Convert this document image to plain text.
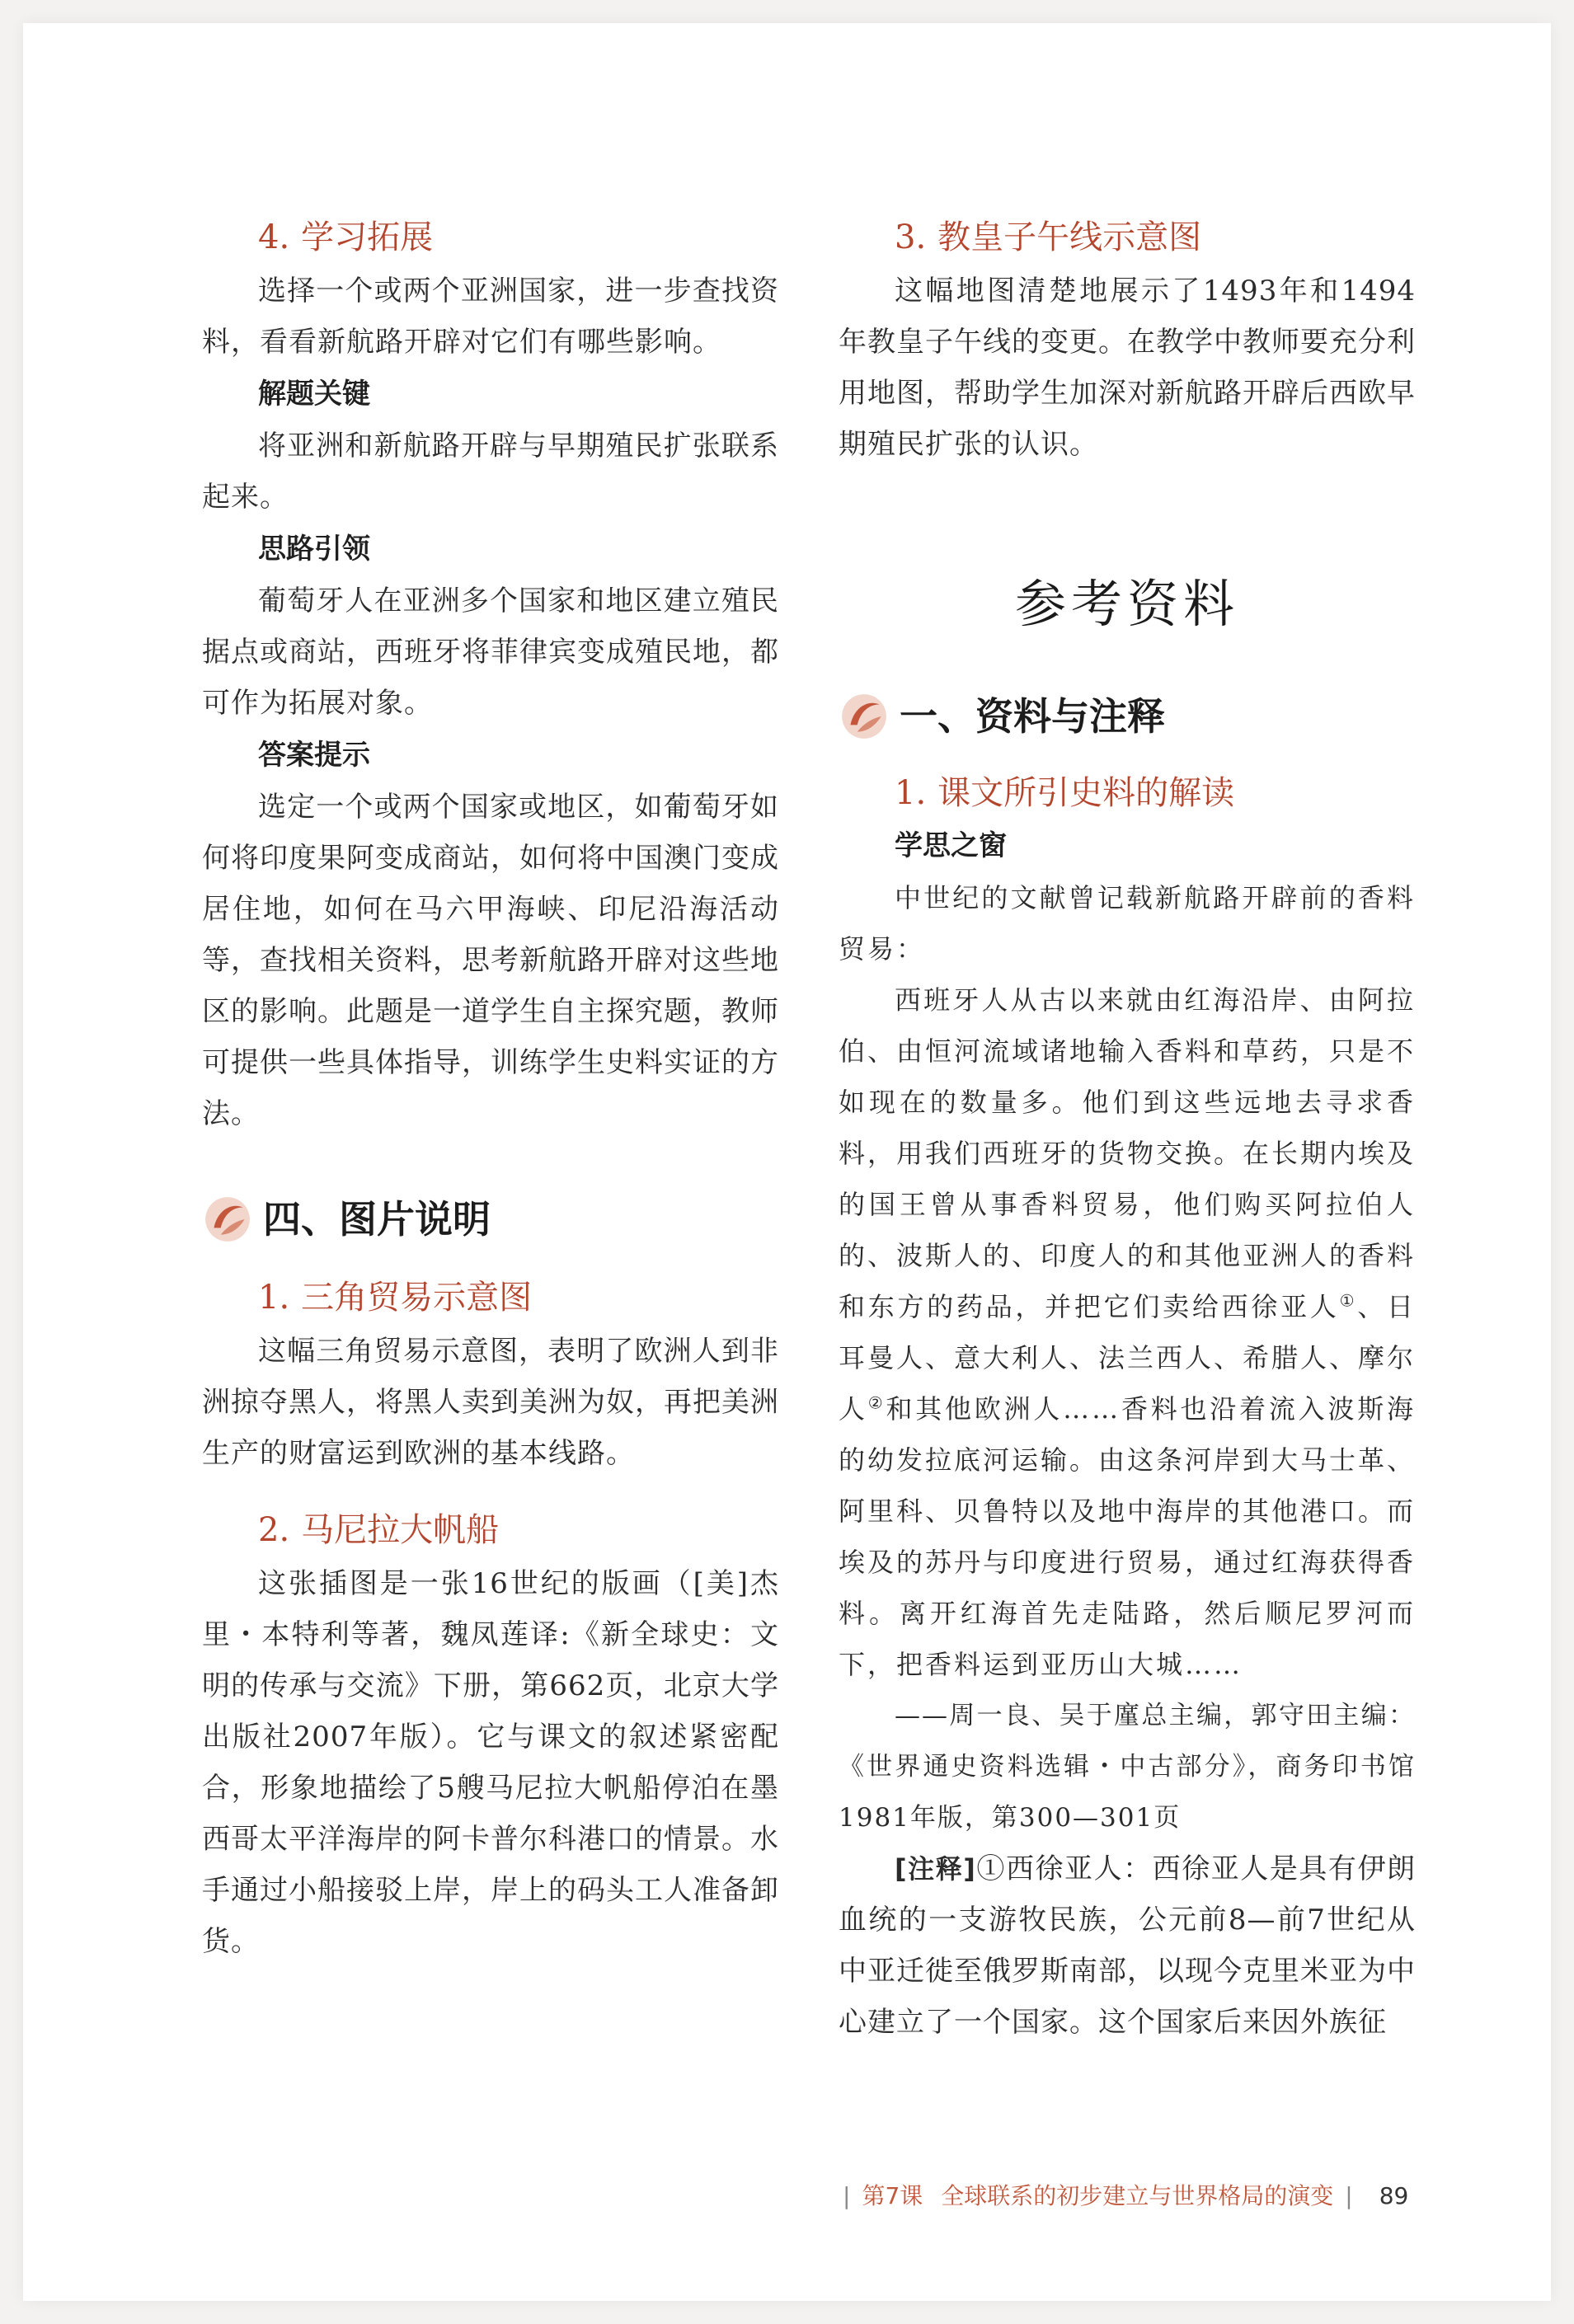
4. 学习拓展

选择一个或两个亚洲国家，进一步查找资料，看看新航路开辟对它们有哪些影响。

解题关键

将亚洲和新航路开辟与早期殖民扩张联系起来。

思路引领

葡萄牙人在亚洲多个国家和地区建立殖民据点或商站，西班牙将菲律宾变成殖民地，都可作为拓展对象。

答案提示

选定一个或两个国家或地区，如葡萄牙如何将印度果阿变成商站，如何将中国澳门变成居住地，如何在马六甲海峡、印尼沿海活动等，查找相关资料，思考新航路开辟对这些地区的影响。此题是一道学生自主探究题，教师可提供一些具体指导，训练学生史料实证的方法。

四、 图片说明
1. 三角贸易示意图

这幅三角贸易示意图，表明了欧洲人到非洲掠夺黑人，将黑人卖到美洲为奴，再把美洲生产的财富运到欧洲的基本线路。

2. 马尼拉大帆船

这张插图是一张16世纪的版画（[美]杰里・本特利等著，魏凤莲译:《新全球史：文明的传承与交流》下册，第662页，北京大学出版社2007年版）。它与课文的叙述紧密配合，形象地描绘了5艘马尼拉大帆船停泊在墨西哥太平洋海岸的阿卡普尔科港口的情景。水手通过小船接驳上岸，岸上的码头工人准备卸货。

3. 教皇子午线示意图

这幅地图清楚地展示了1493年和1494年教皇子午线的变更。在教学中教师要充分利用地图，帮助学生加深对新航路开辟后西欧早期殖民扩张的认识。

参考资料
一、 资料与注释
1. 课文所引史料的解读
学思之窗

中世纪的文献曾记载新航路开辟前的香料贸易：

西班牙人从古以来就由红海沿岸、由阿拉伯、由恒河流域诸地输入香料和草药，只是不如现在的数量多。他们到这些远地去寻求香料，用我们西班牙的货物交换。在长期内埃及的国王曾从事香料贸易，他们购买阿拉伯人的、波斯人的、印度人的和其他亚洲人的香料和东方的药品，并把它们卖给西徐亚人①、日耳曼人、意大利人、法兰西人、希腊人、摩尔人②和其他欧洲人……香料也沿着流入波斯海的幼发拉底河运输。由这条河岸到大马士革、阿里科、贝鲁特以及地中海岸的其他港口。而埃及的苏丹与印度进行贸易，通过红海获得香料。离开红海首先走陆路，然后顺尼罗河而下，把香料运到亚历山大城……

——周一良、吴于廑总主编，郭守田主编：《世界通史资料选辑・中古部分》，商务印书馆1981年版，第300—301页

[注释]①西徐亚人：西徐亚人是具有伊朗血统的一支游牧民族，公元前8—前7世纪从中亚迁徙至俄罗斯南部，以现今克里米亚为中心建立了一个国家。这个国家后来因外族征

| 第7课 全球联系的初步建立与世界格局的演变 | 89
